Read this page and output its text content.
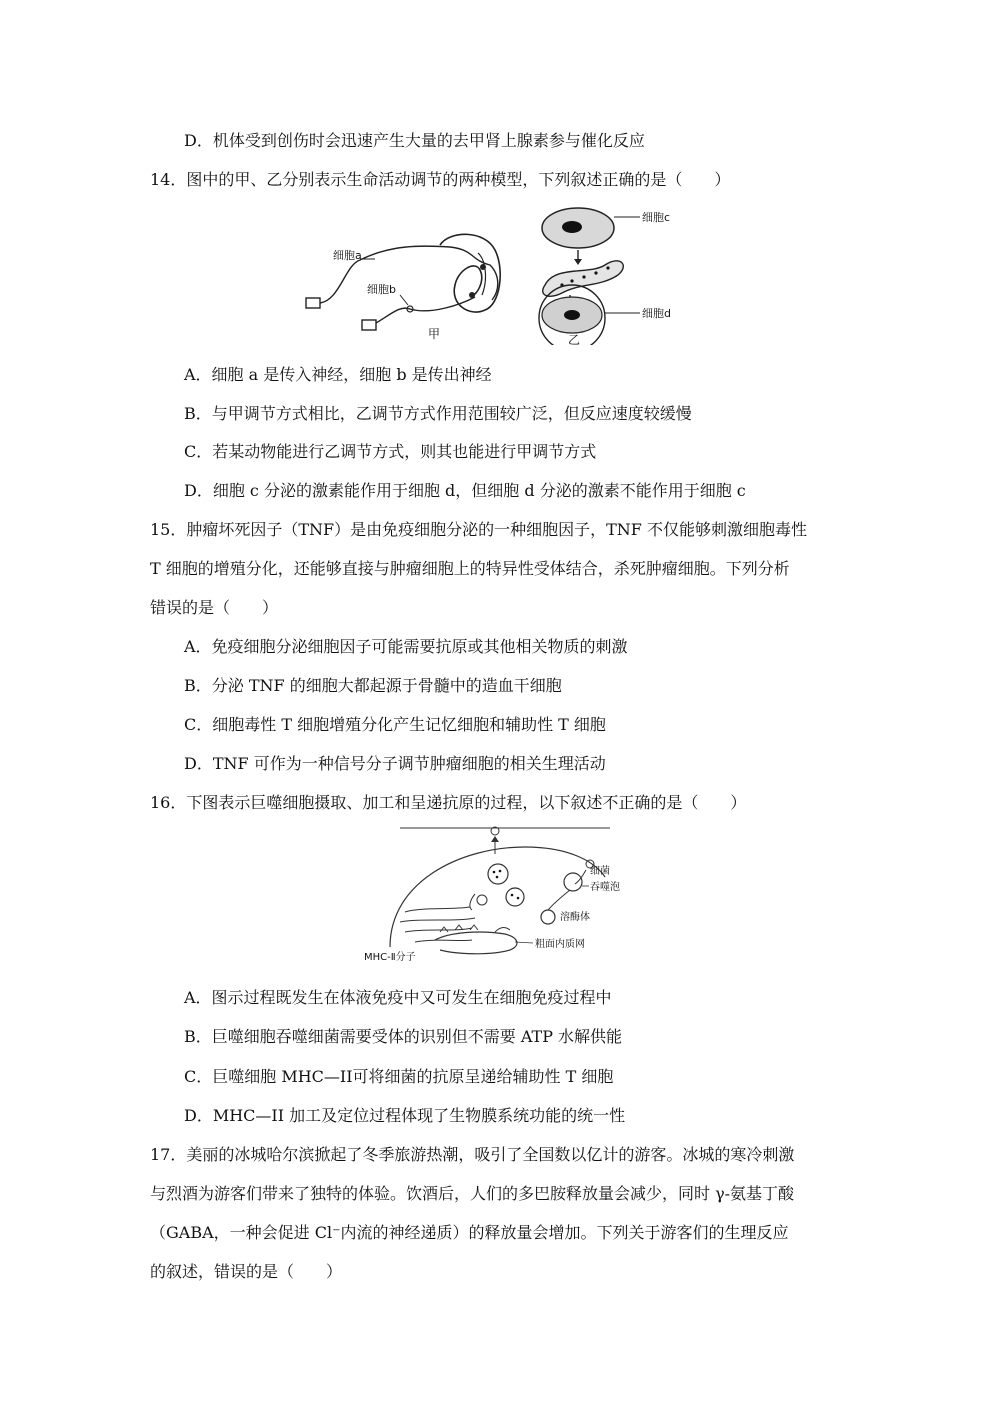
D．机体受到创伤时会迅速产生大量的去甲肾上腺素参与催化反应
14．图中的甲、乙分别表示生命活动调节的两种模型，下列叙述正确的是（　　）
细胞a
细胞b
甲
细胞c
细胞d
乙
A．细胞 a 是传入神经，细胞 b 是传出神经
B．与甲调节方式相比，乙调节方式作用范围较广泛，但反应速度较缓慢
C．若某动物能进行乙调节方式，则其也能进行甲调节方式
D．细胞 c 分泌的激素能作用于细胞 d，但细胞 d 分泌的激素不能作用于细胞 c
15．肿瘤坏死因子（TNF）是由免疫细胞分泌的一种细胞因子，TNF 不仅能够刺激细胞毒性
T 细胞的增殖分化，还能够直接与肿瘤细胞上的特异性受体结合，杀死肿瘤细胞。下列分析
错误的是（　　）
A．免疫细胞分泌细胞因子可能需要抗原或其他相关物质的刺激
B．分泌 TNF 的细胞大都起源于骨髓中的造血干细胞
C．细胞毒性 T 细胞增殖分化产生记忆细胞和辅助性 T 细胞
D．TNF 可作为一种信号分子调节肿瘤细胞的相关生理活动
16．下图表示巨噬细胞摄取、加工和呈递抗原的过程，以下叙述不正确的是（　　）
细菌
吞噬泡
溶酶体
粗面内质网
MHC-Ⅱ分子
A．图示过程既发生在体液免疫中又可发生在细胞免疫过程中
B．巨噬细胞吞噬细菌需要受体的识别但不需要 ATP 水解供能
C．巨噬细胞 MHC—II可将细菌的抗原呈递给辅助性 T 细胞
D．MHC—II 加工及定位过程体现了生物膜系统功能的统一性
17．美丽的冰城哈尔滨掀起了冬季旅游热潮，吸引了全国数以亿计的游客。冰城的寒冷刺激
与烈酒为游客们带来了独特的体验。饮酒后，人们的多巴胺释放量会减少，同时 γ-氨基丁酸
（GABA，一种会促进 Cl⁻内流的神经递质）的释放量会增加。下列关于游客们的生理反应
的叙述，错误的是（　　）
